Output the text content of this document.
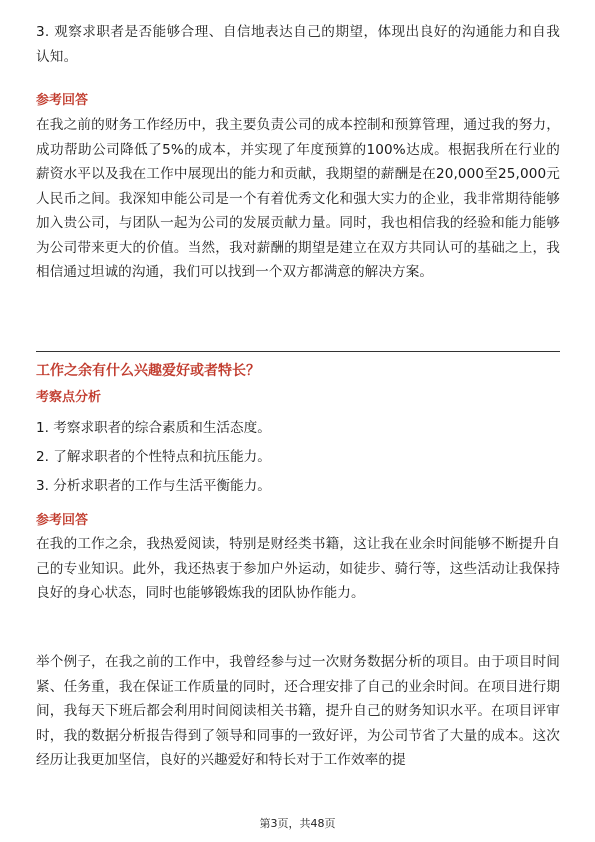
3. 观察求职者是否能够合理、自信地表达自己的期望，体现出良好的沟通能力和自我认知。

参考回答

在我之前的财务工作经历中，我主要负责公司的成本控制和预算管理，通过我的努力，成功帮助公司降低了5%的成本，并实现了年度预算的100%达成。根据我所在行业的薪资水平以及我在工作中展现出的能力和贡献，我期望的薪酬是在20,000至25,000元人民币之间。我深知申能公司是一个有着优秀文化和强大实力的企业，我非常期待能够加入贵公司，与团队一起为公司的发展贡献力量。同时，我也相信我的经验和能力能够为公司带来更大的价值。当然，我对薪酬的期望是建立在双方共同认可的基础之上，我相信通过坦诚的沟通，我们可以找到一个双方都满意的解决方案。

工作之余有什么兴趣爱好或者特长？
考察点分析
1. 考察求职者的综合素质和生活态度。
2. 了解求职者的个性特点和抗压能力。
3. 分析求职者的工作与生活平衡能力。
参考回答

在我的工作之余，我热爱阅读，特别是财经类书籍，这让我在业余时间能够不断提升自己的专业知识。此外，我还热衷于参加户外运动，如徒步、骑行等，这些活动让我保持良好的身心状态，同时也能够锻炼我的团队协作能力。

举个例子，在我之前的工作中，我曾经参与过一次财务数据分析的项目。由于项目时间紧、任务重，我在保证工作质量的同时，还合理安排了自己的业余时间。在项目进行期间，我每天下班后都会利用时间阅读相关书籍，提升自己的财务知识水平。在项目评审时，我的数据分析报告得到了领导和同事的一致好评，为公司节省了大量的成本。这次经历让我更加坚信，良好的兴趣爱好和特长对于工作效率的提

第3页，共48页
